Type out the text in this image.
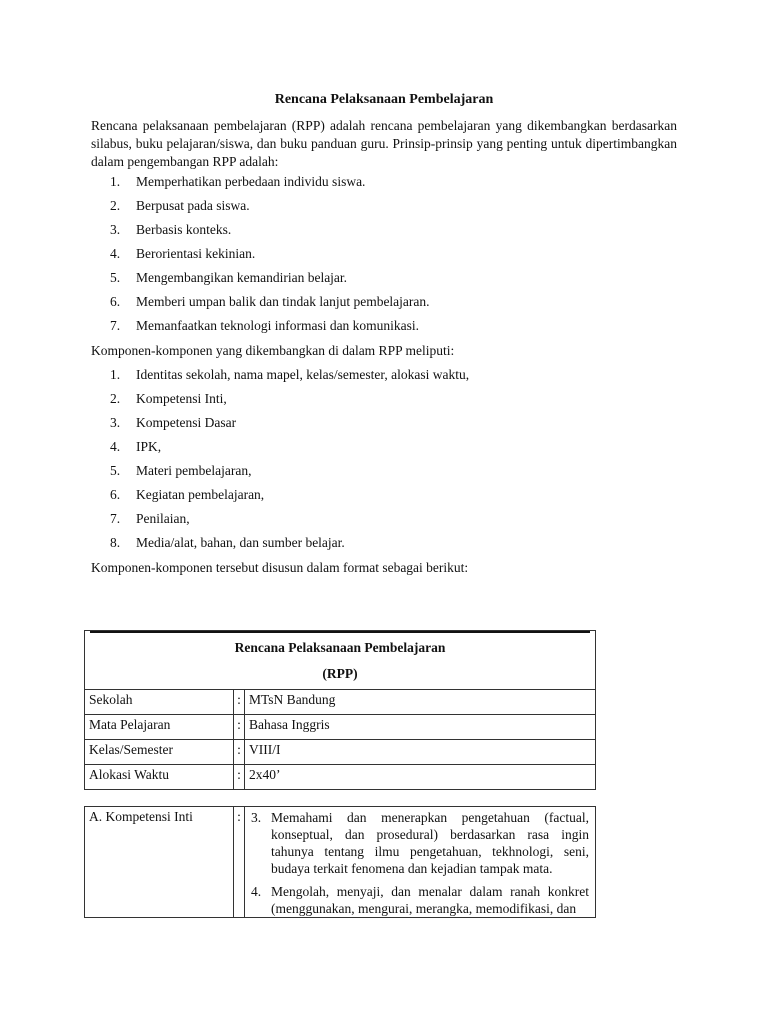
Rencana Pelaksanaan Pembelajaran

Rencana pelaksanaan pembelajaran (RPP) adalah rencana pembelajaran yang dikembangkan berdasarkan silabus, buku pelajaran/siswa, dan buku panduan guru. Prinsip-prinsip yang penting untuk dipertimbangkan dalam pengembangan RPP adalah:

1.	Memperhatikan perbedaan individu siswa.
2.	Berpusat pada siswa.
3.	Berbasis konteks.
4.	Berorientasi kekinian.
5.	Mengembangikan kemandirian belajar.
6.	Memberi umpan balik dan tindak lanjut pembelajaran.
7.	Memanfaatkan teknologi informasi dan komunikasi.

Komponen-komponen yang dikembangkan di dalam RPP meliputi:

1.	Identitas sekolah, nama mapel, kelas/semester, alokasi waktu,
2.	Kompetensi Inti,
3.	Kompetensi Dasar
4.	IPK,
5.	Materi pembelajaran,
6.	Kegiatan pembelajaran,
7.	Penilaian,
8.	Media/alat, bahan, dan sumber belajar.

Komponen-komponen tersebut disusun dalam format sebagai berikut:

Rencana Pelaksanaan Pembelajaran
(RPP)		

Sekolah	:	MTsN Bandung
Mata Pelajaran	:	Bahasa Inggris
Kelas/Semester	:	VIII/I
Alokasi Waktu	:	2x40’
A. Kompetensi Inti	:	3. Memahami dan menerapkan pengetahuan (factual, konseptual, dan prosedural) berdasarkan rasa ingin tahunya tentang ilmu pengetahuan, tekhnologi, seni, budaya terkait fenomena dan kejadian tampak mata.
4. Mengolah, menyaji, dan menalar dalam ranah konkret (menggunakan, mengurai, merangka, memodifikasi, dan
